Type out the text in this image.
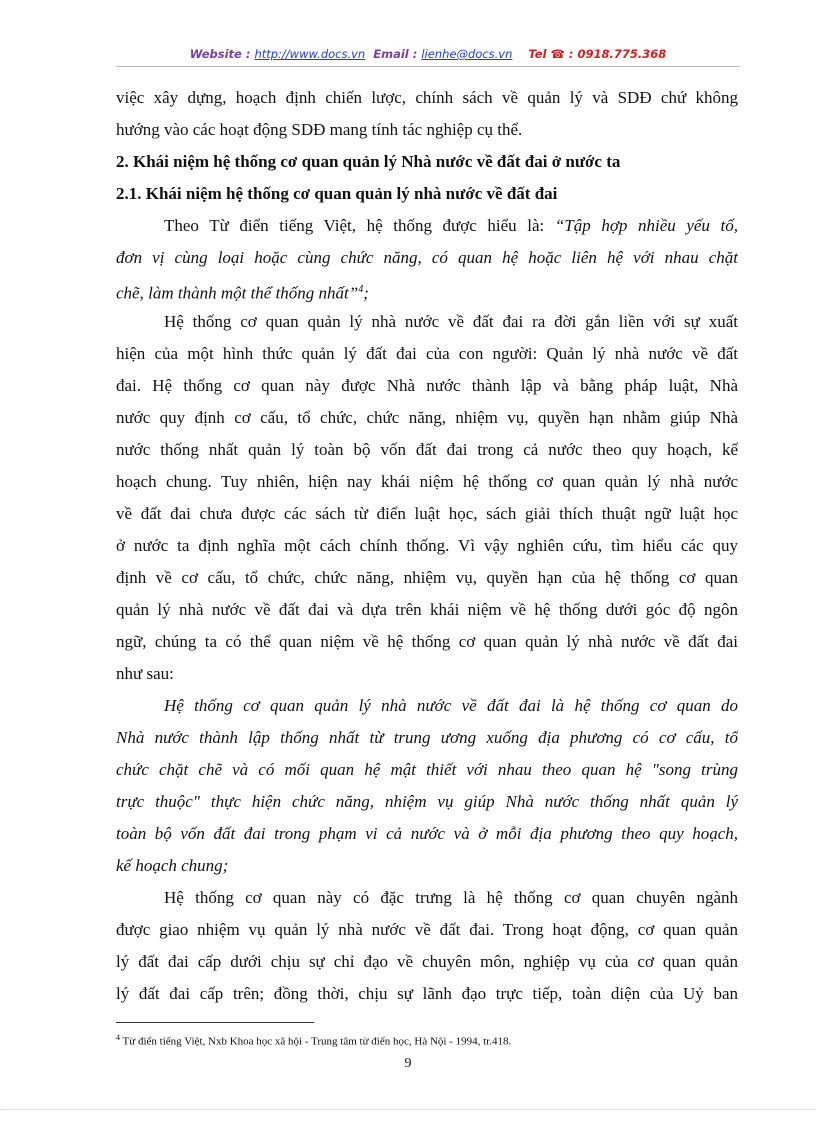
Website : http://www.docs.vn Email : lienhe@docs.vn Tel ☎ : 0918.775.368
việc xây dựng, hoạch định chiến lược, chính sách về quản lý và SDĐ chứ không
hướng vào các hoạt động SDĐ mang tính tác nghiệp cụ thể.
2. Khái niệm hệ thống cơ quan quản lý Nhà nước về đất đai ở nước ta
2.1. Khái niệm hệ thống cơ quan quản lý nhà nước về đất đai
Theo Từ điển tiếng Việt, hệ thống được hiểu là: “Tập hợp nhiều yếu tố,
đơn vị cùng loại hoặc cùng chức năng, có quan hệ hoặc liên hệ với nhau chặt
chẽ, làm thành một thể thống nhất”$^4$;
Hệ thống cơ quan quản lý nhà nước về đất đai ra đời gắn liền với sự xuất
hiện của một hình thức quản lý đất đai của con người: Quản lý nhà nước về đất
đai. Hệ thống cơ quan này được Nhà nước thành lập và bằng pháp luật, Nhà
nước quy định cơ cấu, tổ chức, chức năng, nhiệm vụ, quyền hạn nhằm giúp Nhà
nước thống nhất quản lý toàn bộ vốn đất đai trong cả nước theo quy hoạch, kế
hoạch chung. Tuy nhiên, hiện nay khái niệm hệ thống cơ quan quản lý nhà nước
về đất đai chưa được các sách từ điển luật học, sách giải thích thuật ngữ luật học
ở nước ta định nghĩa một cách chính thống. Vì vậy nghiên cứu, tìm hiểu các quy
định về cơ cấu, tổ chức, chức năng, nhiệm vụ, quyền hạn của hệ thống cơ quan
quản lý nhà nước về đất đai và dựa trên khái niệm về hệ thống dưới góc độ ngôn
ngữ, chúng ta có thể quan niệm về hệ thống cơ quan quản lý nhà nước về đất đai
như sau:
Hệ thống cơ quan quản lý nhà nước về đất đai là hệ thống cơ quan do
Nhà nước thành lập thống nhất từ trung ương xuống địa phương có cơ cấu, tổ
chức chặt chẽ và có mối quan hệ mật thiết với nhau theo quan hệ "song trùng
trực thuộc" thực hiện chức năng, nhiệm vụ giúp Nhà nước thống nhất quản lý
toàn bộ vốn đất đai trong phạm vi cả nước và ở mỗi địa phương theo quy hoạch,
kế hoạch chung;
Hệ thống cơ quan này có đặc trưng là hệ thống cơ quan chuyên ngành
được giao nhiệm vụ quản lý nhà nước về đất đai. Trong hoạt động, cơ quan quản
lý đất đai cấp dưới chịu sự chỉ đạo về chuyên môn, nghiệp vụ của cơ quan quản
lý đất đai cấp trên; đồng thời, chịu sự lãnh đạo trực tiếp, toàn diện của Uỷ ban
$^4$ Từ điển tiếng Việt, Nxb Khoa học xã hội - Trung tâm từ điển học, Hà Nội - 1994, tr.418.
9
